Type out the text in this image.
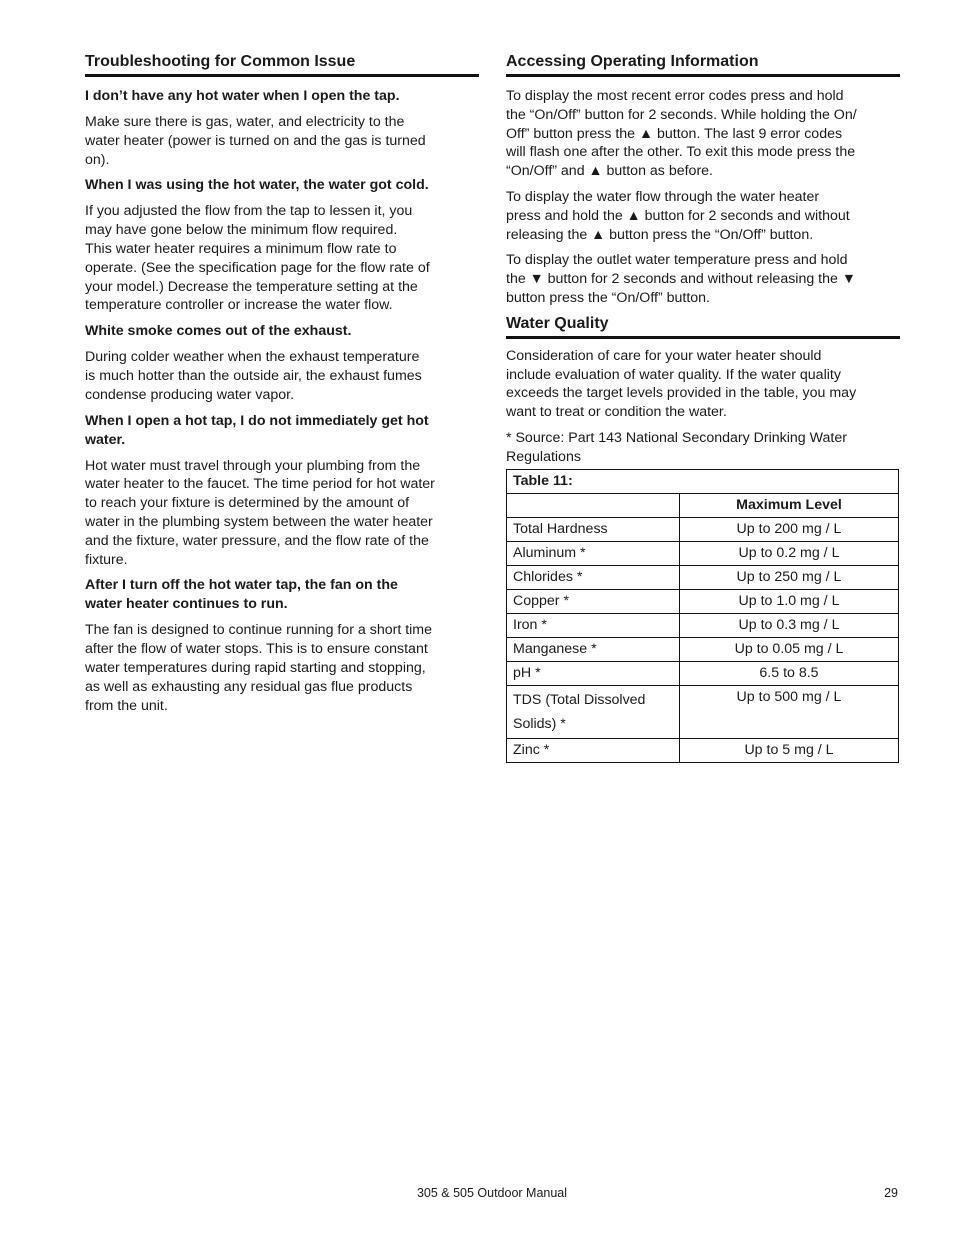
Troubleshooting for Common Issue
I don’t have any hot water when I open the tap.
Make sure there is gas, water, and electricity to the
water heater (power is turned on and the gas is turned
on).
When I was using the hot water, the water got cold.
If you adjusted the flow from the tap to lessen it, you
may have gone below the minimum flow required.
This water heater requires a minimum flow rate to
operate. (See the specification page for the flow rate of
your model.) Decrease the temperature setting at the
temperature controller or increase the water flow.
White smoke comes out of the exhaust.
During colder weather when the exhaust temperature
is much hotter than the outside air, the exhaust fumes
condense producing water vapor.
When I open a hot tap, I do not immediately get hot
water.
Hot water must travel through your plumbing from the
water heater to the faucet. The time period for hot water
to reach your fixture is determined by the amount of
water in the plumbing system between the water heater
and the fixture, water pressure, and the flow rate of the
fixture.
After I turn off the hot water tap, the fan on the
water heater continues to run.
The fan is designed to continue running for a short time
after the flow of water stops. This is to ensure constant
water temperatures during rapid starting and stopping,
as well as exhausting any residual gas flue products
from the unit.
Accessing Operating Information
To display the most recent error codes press and hold
the “On/Off” button for 2 seconds. While holding the On/
Off” button press the ▲ button. The last 9 error codes
will flash one after the other. To exit this mode press the
“On/Off” and ▲ button as before.
To display the water flow through the water heater
press and hold the ▲ button for 2 seconds and without
releasing the ▲ button press the “On/Off” button.
To display the outlet water temperature press and hold
the ▼ button for 2 seconds and without releasing the ▼
button press the “On/Off” button.
Water Quality
Consideration of care for your water heater should
include evaluation of water quality. If the water quality
exceeds the target levels provided in the table, you may
want to treat or condition the water.
* Source: Part 143 National Secondary Drinking Water
Regulations
Table 11:	
	Maximum Level
Total Hardness	Up to 200 mg / L
Aluminum *	Up to 0.2 mg / L
Chlorides *	Up to 250 mg / L
Copper *	Up to 1.0 mg / L
Iron *	Up to 0.3 mg / L
Manganese *	Up to 0.05 mg / L
pH *	6.5 to 8.5
TDS (Total Dissolved
Solids) *	Up to 500 mg / L
Zinc *	Up to 5 mg / L
305 & 505 Outdoor Manual	29
